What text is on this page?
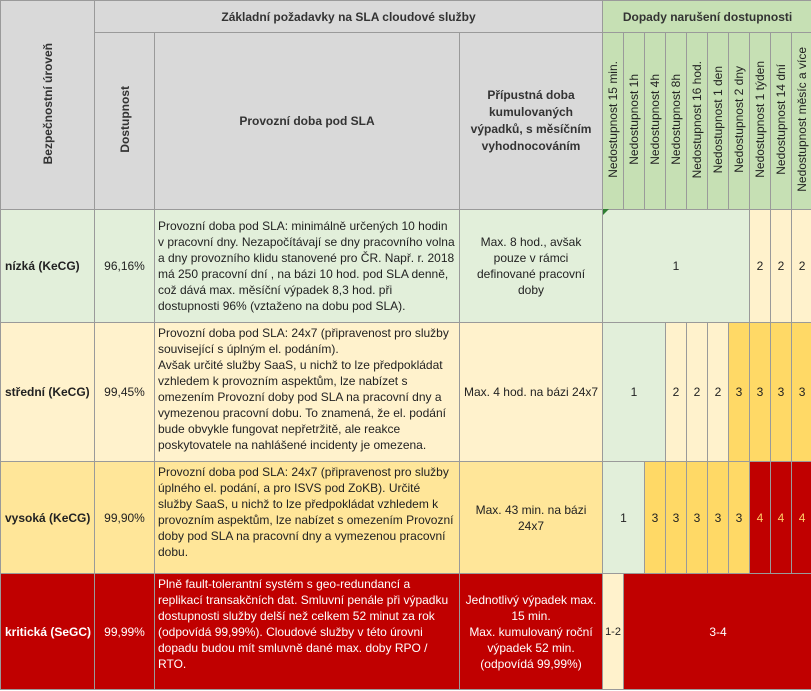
Bezpečnostní úroveň	Základní požadavky na SLA cloudové služby			Dopady narušení dostupnosti									
	Dostupnost	Provozní doba pod SLA	Přípustná doba kumulovaných výpadků, s měsíčním vyhodnocováním	Nedostupnost 15 min.	Nedostupnost 1h	Nedostupnost 4h	Nedostupnost 8h	Nedostupnost 16 hod.	Nedostupnost 1 den	Nedostupnost 2 dny	Nedostupnost 1 týden	Nedostupnost 14 dní	Nedostupnost měsíc a více
nízká (KeCG)	96,16%	Provozní doba pod SLA: minimálně určených 10 hodin v pracovní dny. Nezapočítávají se dny pracovního volna a dny provozního klidu stanovené pro ČR. Např. r. 2018 má 250 pracovní dní , na bázi 10 hod. pod SLA denně, což dává max. měsíční výpadek 8,3 hod. při dostupnosti 96% (vztaženo na dobu pod SLA).	Max. 8 hod., avšak pouze v rámci definované pracovní doby	1							2	2	2
střední (KeCG)	99,45%	Provozní doba pod SLA: 24x7 (připravenost pro služby související s úplným el. podáním).
Avšak určité služby SaaS, u nichž to lze předpokládat vzhledem k provozním aspektům, lze nabízet s omezením Provozní doby pod SLA na pracovní dny a vymezenou pracovní dobu. To znamená, že el. podání bude obvykle fungovat nepřetržitě, ale reakce poskytovatele na nahlášené incidenty je omezena.	Max. 4 hod. na bázi 24x7	1			2	2	2	3	3	3	3
vysoká (KeCG)	99,90%	Provozní doba pod SLA: 24x7 (připravenost pro služby úplného el. podání, a pro ISVS pod ZoKB). Určité služby SaaS, u nichž to lze předpokládat vzhledem k provozním aspektům, lze nabízet s omezením Provozní doby pod SLA na pracovní dny a vymezenou pracovní dobu.	Max. 43 min. na bázi 24x7	1		3	3	3	3	3	4	4	4
kritická (SeGC)	99,99%	Plně fault-tolerantní systém s geo-redundancí a replikací transakčních dat. Smluvní penále při výpadku dostupnosti služby delší než celkem 52 minut za rok (odpovídá 99,99%). Cloudové služby v této úrovni dopadu budou mít smluvně dané max. doby RPO / RTO.	Jednotlivý výpadek max. 15 min.
Max. kumulovaný roční výpadek 52 min. (odpovídá 99,99%)	1-2	3-4								
